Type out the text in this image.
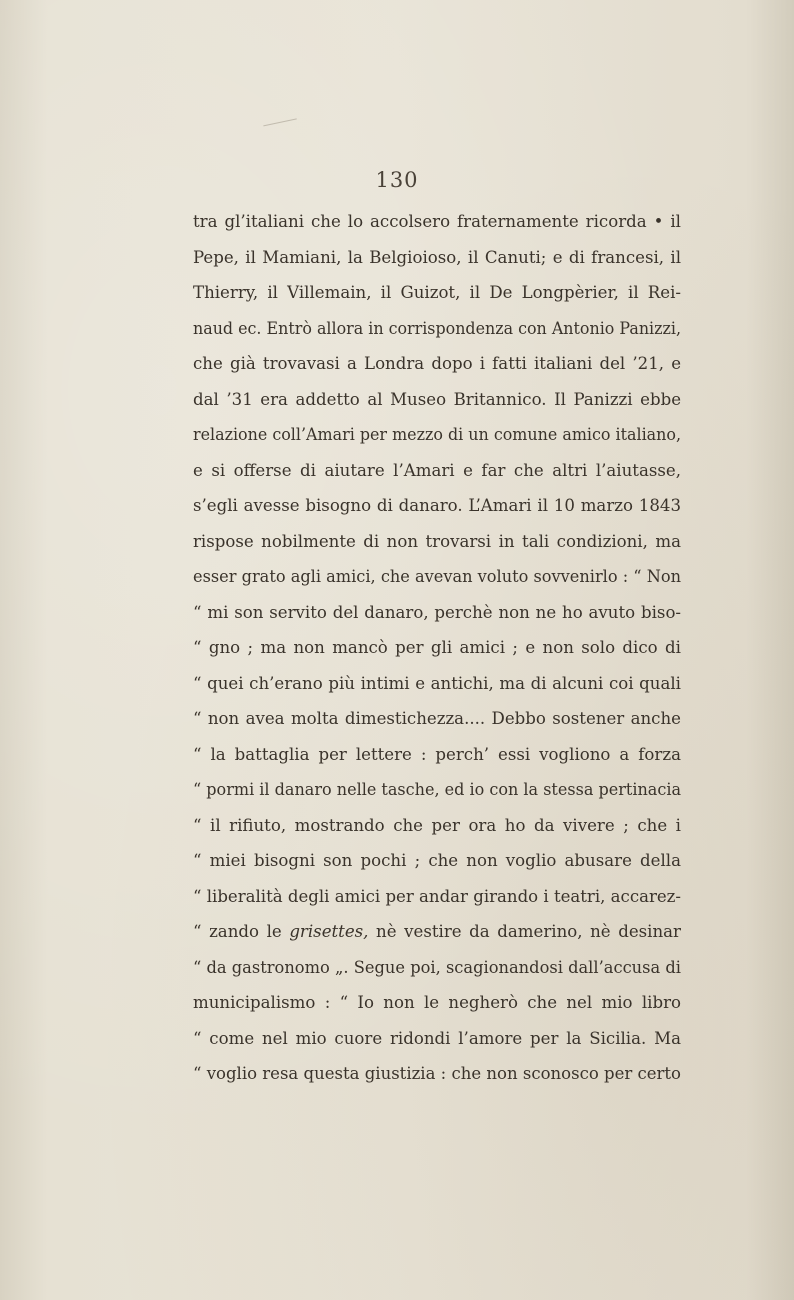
130
tra gl’italiani che lo accolsero fraternamente ricorda • il
Pepe, il Mamiani, la Belgioioso, il Canuti; e di francesi, il
Thierry, il Villemain, il Guizot, il De Longpèrier, il Rei-
naud ec. Entrò allora in corrispondenza con Antonio Panizzi,
che già trovavasi a Londra dopo i fatti italiani del ’21, e
dal ’31 era addetto al Museo Britannico. Il Panizzi ebbe
relazione coll’Amari per mezzo di un comune amico italiano,
e si offerse di aiutare l’Amari e far che altri l’aiutasse,
s’egli avesse bisogno di danaro. L’Amari il 10 marzo 1843
rispose nobilmente di non trovarsi in tali condizioni, ma
esser grato agli amici, che avevan voluto sovvenirlo : “ Non
“ mi son servito del danaro, perchè non ne ho avuto biso-
“ gno ; ma non mancò per gli amici ; e non solo dico di
“ quei ch’erano più intimi e antichi, ma di alcuni coi quali
“ non avea molta dimestichezza.... Debbo sostener anche
“ la battaglia per lettere : perch’ essi vogliono a forza
“ pormi il danaro nelle tasche, ed io con la stessa pertinacia
“ il rifiuto, mostrando che per ora ho da vivere ; che i
“ miei bisogni son pochi ; che non voglio abusare della
“ liberalità degli amici per andar girando i teatri, accarez-
“ zando le grisettes, nè vestire da damerino, nè desinar
“ da gastronomo „. Segue poi, scagionandosi dall’accusa di
municipalismo : “ Io non le negherò che nel mio libro
“ come nel mio cuore ridondi l’amore per la Sicilia. Ma
“ voglio resa questa giustizia : che non sconosco per certo
